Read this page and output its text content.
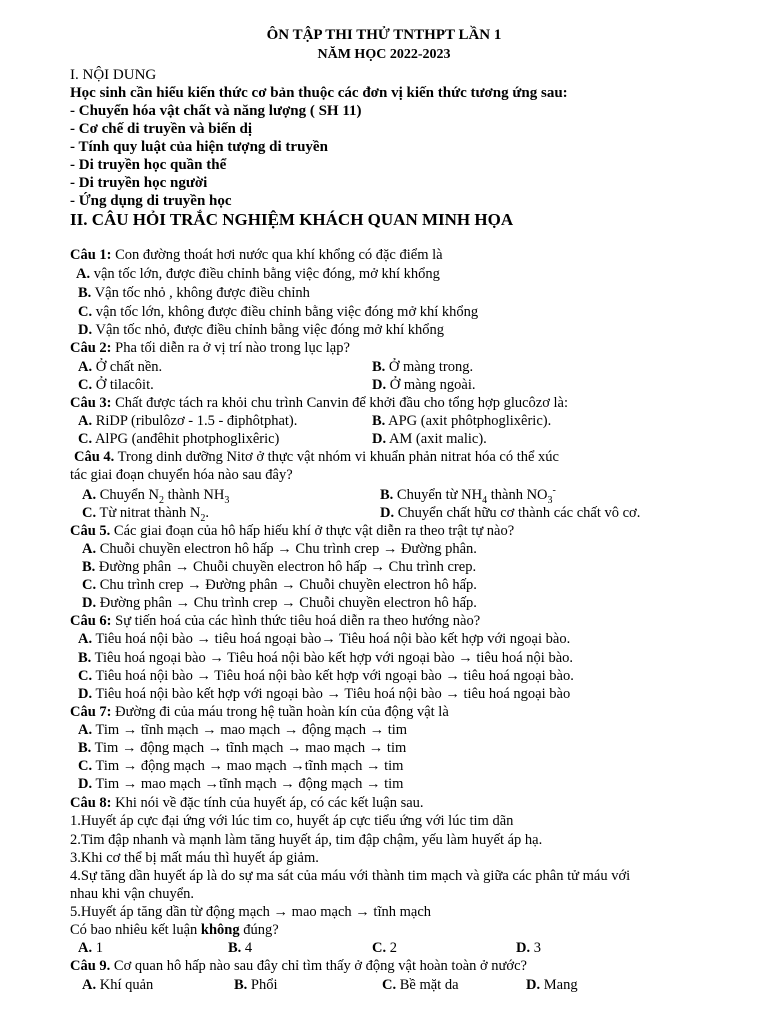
ÔN TẬP THI THỬ TNTHPT LẦN 1
NĂM HỌC 2022-2023
I. NỘI DUNG
Học sinh cần hiểu kiến thức cơ bản thuộc các đơn vị kiến thức tương ứng sau:
- Chuyển hóa vật chất và năng lượng ( SH 11)
- Cơ chế di truyền và biến dị
- Tính quy luật của hiện tượng di truyền
- Di truyền học quần thể
- Di truyền học người
- Ứng dụng di truyền học
II. CÂU HỎI TRẮC NGHIỆM KHÁCH QUAN MINH HỌA
Câu 1: Con đường thoát hơi nước qua khí khổng có đặc điểm là
A. vận tốc lớn, được điều chỉnh bằng việc đóng, mở khí khổng
B. Vận tốc nhỏ , không được điều chỉnh
C. vận tốc lớn, không được điều chỉnh bằng việc đóng mở khí khổng
D. Vận tốc nhỏ, được điều chỉnh bằng việc đóng mở khí khổng
Câu 2: Pha tối diễn ra ở vị trí nào trong lục lạp?
A. Ở chất nền.	B. Ở màng trong.
C. Ở tilacôit.	D. Ở màng ngoài.
Câu 3: Chất được tách ra khỏi chu trình Canvin để khởi đầu cho tổng hợp glucôzơ là:
A. RiDP (ribulôzơ - 1.5 - điphôtphat).	B. APG (axit phôtphoglixêric).
C. AlPG (anđêhit photphoglixêric)	D. AM (axit malic).
Câu 4. Trong dinh dưỡng Nitơ ở thực vật nhóm vi khuẩn phản nitrat hóa có thể xúc
tác giai đoạn chuyển hóa nào sau đây?
A. Chuyển $N_2$ thành $NH_3$	B. Chuyển từ $NH_4$ thành $NO_3^-$
C. Từ nitrat thành $N_2$.	D. Chuyển chất hữu cơ thành các chất vô cơ.
Câu 5. Các giai đoạn của hô hấp hiếu khí ở thực vật diễn ra theo trật tự nào?
A. Chuỗi chuyền electron hô hấp → Chu trình crep → Đường phân.
B. Đường phân → Chuỗi chuyền electron hô hấp → Chu trình crep.
C. Chu trình crep → Đường phân → Chuỗi chuyền electron hô hấp.
D. Đường phân → Chu trình crep → Chuỗi chuyền electron hô hấp.
Câu 6: Sự tiến hoá của các hình thức tiêu hoá diễn ra theo hướng nào?
A. Tiêu hoá nội bào → tiêu hoá ngoại bào→ Tiêu hoá nội bào kết hợp với ngoại bào.
B. Tiêu hoá ngoại bào → Tiêu hoá nội bào kết hợp với ngoại bào → tiêu hoá nội bào.
C. Tiêu hoá nội bào → Tiêu hoá nội bào kết hợp với ngoại bào → tiêu hoá ngoại bào.
D. Tiêu hoá nội bào kết hợp với ngoại bào → Tiêu hoá nội bào → tiêu hoá ngoại bào
Câu 7: Đường đi của máu trong hệ tuần hoàn kín của động vật là
A. Tim → tĩnh mạch → mao mạch → động mạch → tim
B. Tim → động mạch → tĩnh mạch → mao mạch → tim
C. Tim → động mạch → mao mạch →tĩnh mạch → tim
D. Tim → mao mạch →tĩnh mạch → động mạch → tim
Câu 8: Khi nói về đặc tính của huyết áp, có các kết luận sau.
1.Huyết áp cực đại ứng với lúc tim co, huyết áp cực tiểu ứng với lúc tim dãn
2.Tim đập nhanh và mạnh làm tăng huyết áp, tim đập chậm, yếu làm huyết áp hạ.
3.Khi cơ thể bị mất máu thì huyết áp giảm.
4.Sự tăng dần huyết áp là do sự ma sát của máu với thành tim mạch và giữa các phân tử máu với
nhau khi vận chuyển.
5.Huyết áp tăng dần từ động mạch → mao mạch → tĩnh mạch
Có bao nhiêu kết luận không đúng?
A. 1	B. 4	C. 2	D. 3
Câu 9. Cơ quan hô hấp nào sau đây chỉ tìm thấy ở động vật hoàn toàn ở nước?
A. Khí quản	B. Phổi	C. Bề mặt da	D. Mang
